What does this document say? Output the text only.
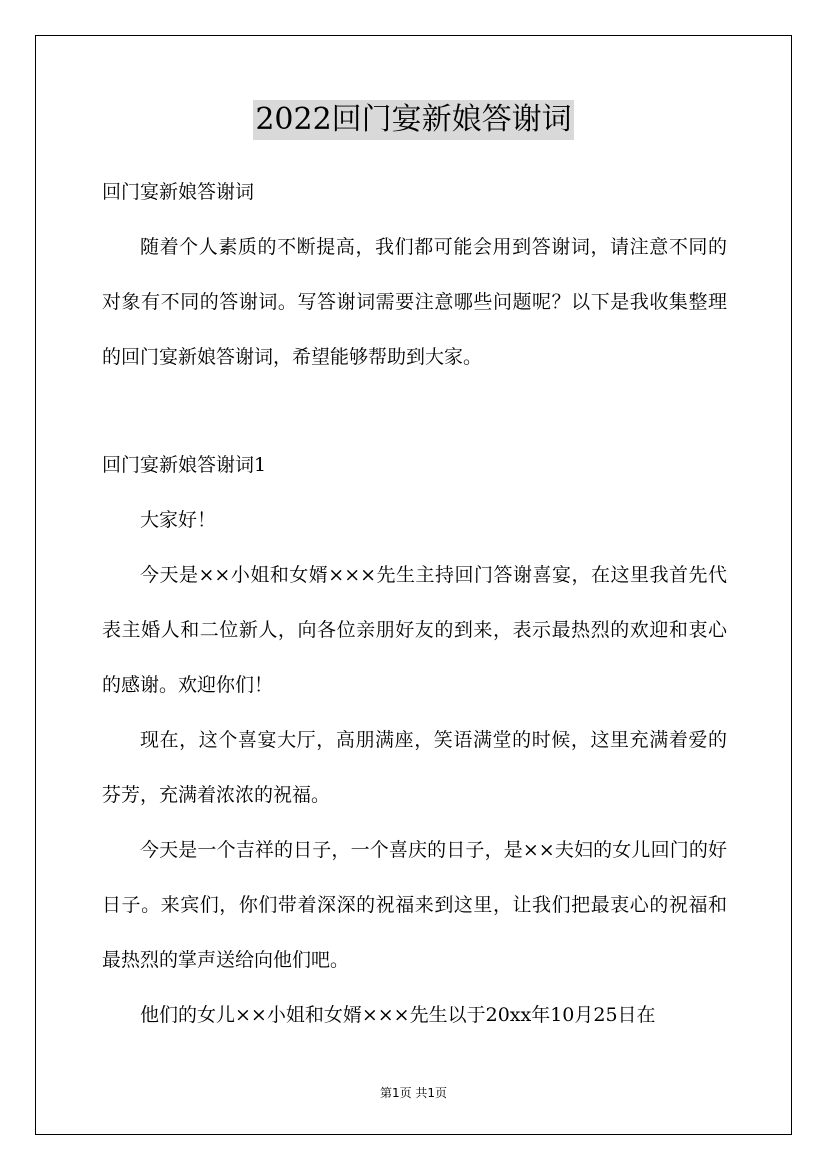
2022回门宴新娘答谢词

回门宴新娘答谢词

随着个人素质的不断提高，我们都可能会用到答谢词，请注意不同的对象有不同的答谢词。写答谢词需要注意哪些问题呢？以下是我收集整理的回门宴新娘答谢词，希望能够帮助到大家。

回门宴新娘答谢词1

大家好！

今天是××小姐和女婿×××先生主持回门答谢喜宴，在这里我首先代表主婚人和二位新人，向各位亲朋好友的到来，表示最热烈的欢迎和衷心的感谢。欢迎你们！

现在，这个喜宴大厅，高朋满座，笑语满堂的时候，这里充满着爱的芬芳，充满着浓浓的祝福。

今天是一个吉祥的日子，一个喜庆的日子，是××夫妇的女儿回门的好日子。来宾们，你们带着深深的祝福来到这里，让我们把最衷心的祝福和最热烈的掌声送给向他们吧。

他们的女儿××小姐和女婿×××先生以于20xx年10月25日在

第1页 共1页
